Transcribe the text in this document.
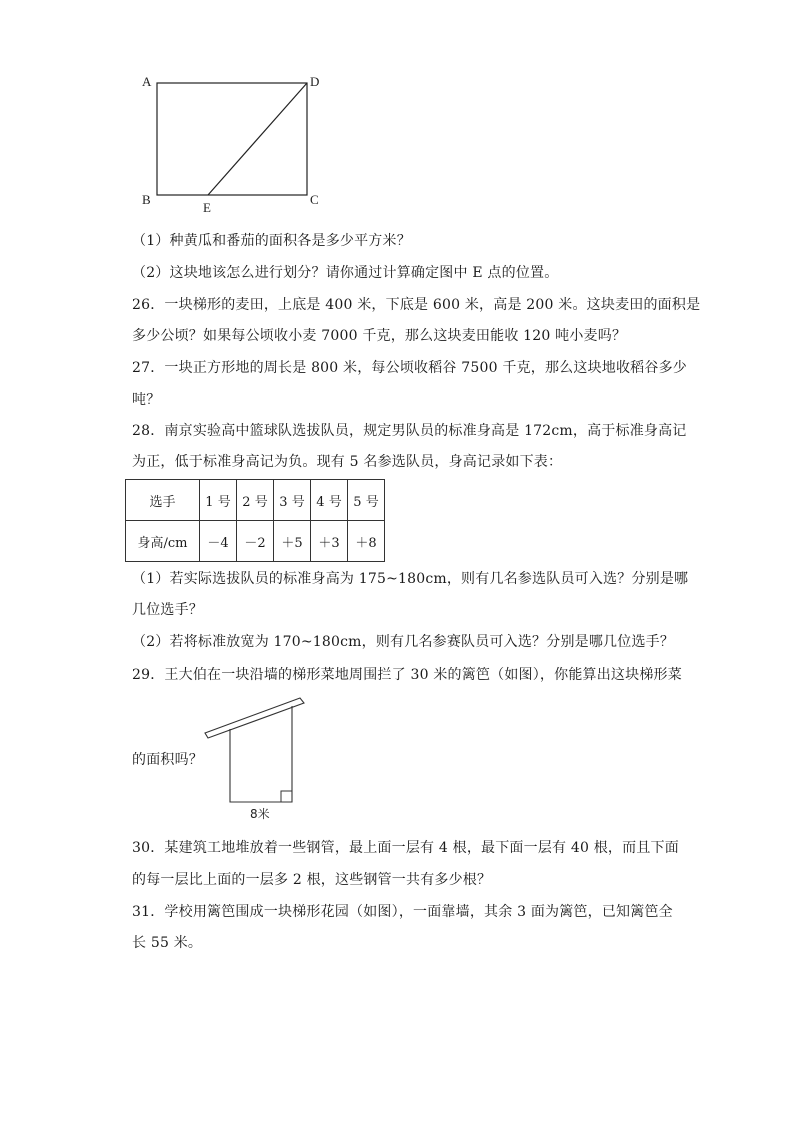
A	D
B	C
E
（1）种黄瓜和番茄的面积各是多少平方米？
（2）这块地该怎么进行划分？请你通过计算确定图中 E 点的位置。
26．一块梯形的麦田，上底是 400 米，下底是 600 米，高是 200 米。这块麦田的面积是
多少公顷？如果每公顷收小麦 7000 千克，那么这块麦田能收 120 吨小麦吗？
27．一块正方形地的周长是 800 米，每公顷收稻谷 7500 千克，那么这块地收稻谷多少
吨？
28．南京实验高中篮球队选拔队员，规定男队员的标准身高是 172cm，高于标准身高记
为正，低于标准身高记为负。现有 5 名参选队员，身高记录如下表：
选手	1 号	2 号	3 号	4 号	5 号
身高/cm	－4	－2	＋5	＋3	＋8
（1）若实际选拔队员的标准身高为 175~180cm，则有几名参选队员可入选？分别是哪
几位选手？
（2）若将标准放宽为 170~180cm，则有几名参赛队员可入选？分别是哪几位选手？
29．王大伯在一块沿墙的梯形菜地周围拦了 30 米的篱笆（如图），你能算出这块梯形菜
8米
的面积吗？
30．某建筑工地堆放着一些钢管，最上面一层有 4 根，最下面一层有 40 根，而且下面
的每一层比上面的一层多 2 根，这些钢管一共有多少根？
31．学校用篱笆围成一块梯形花园（如图），一面靠墙，其余 3 面为篱笆，已知篱笆全
长 55 米。
